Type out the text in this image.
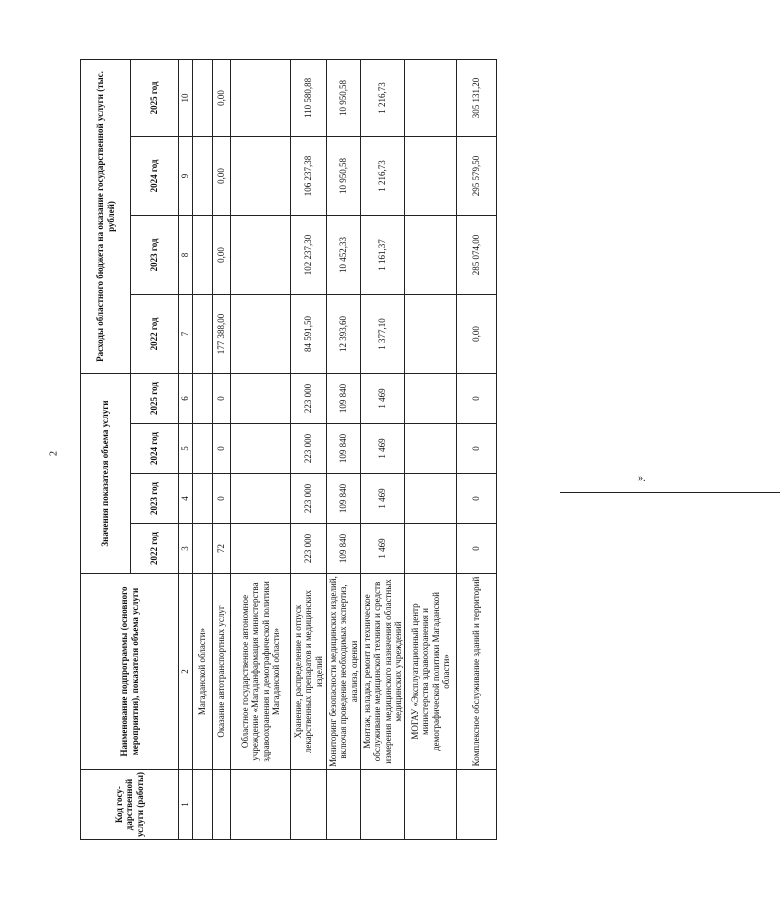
2
Код госу-дарственной услуги (работы)	Наименование подпрограммы (основного мероприятия), показателя объема услуги	Значения показателя объема услуги				Расходы областного бюджета на оказание государственной услуги (тыс. рублей)			
		2022 год	2023 год	2024 год	2025 год	2022 год	2023 год	2024 год	2025 год
1	2	3	4	5	6	7	8	9	10
	Магаданской области»								
	Оказание автотранспортных услуг	72	0	0	0	177 388,00	0,00	0,00	0,00
	Областное государственное автономное учреждение «Магаданфармация министерства здравоохранения и демографической политики Магаданской области»								
	Хранение, распределение и отпуск лекарственных препаратов и медицинских изделий	223 000	223 000	223 000	223 000	84 591,50	102 237,30	106 237,38	110 580,88
	Мониторинг безопасности медицинских изделий, включая проведение необходимых экспертиз, анализа, оценки	109 840	109 840	109 840	109 840	12 393,60	10 452,33	10 950,58	10 950,58
	Монтаж, наладка, ремонт и техническое обслуживание медицинской техники и средств измерения медицинского назначения областных медицинских учреждений	1 469	1 469	1 469	1 469	1 377,10	1 161,37	1 216,73	1 216,73
	МОГАУ «Эксплуатационный центр министерства здравоохранения и демографической политики Магаданской области»								
	Комплексное обслуживание зданий и территорий	0	0	0	0	0,00	285 074,00	295 579,50	305 131,20
».
